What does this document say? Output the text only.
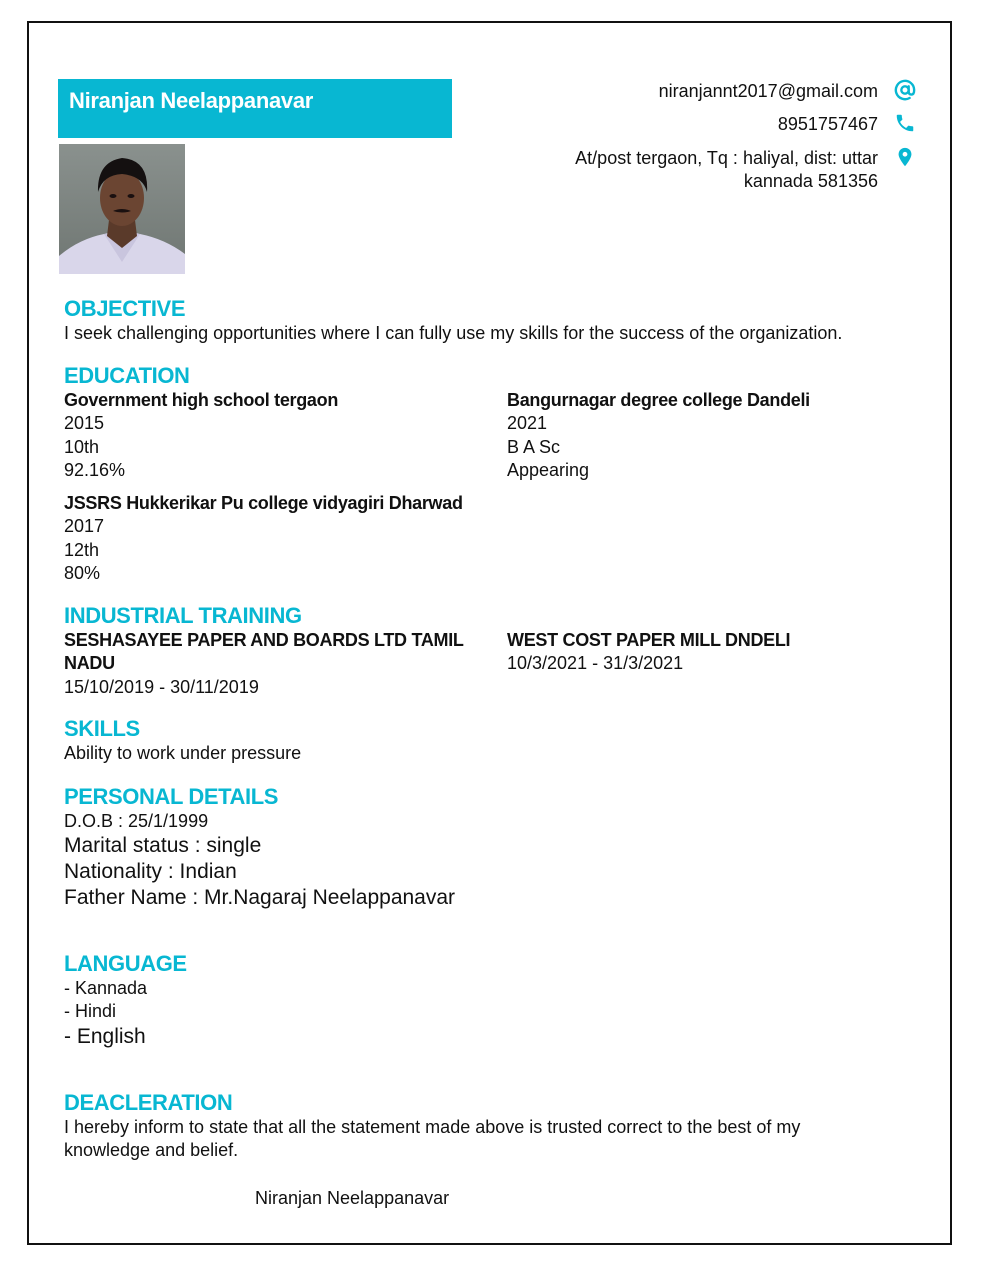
Niranjan Neelappanavar	niranjannt2017@gmail.com
8951757467
At/post tergaon, Tq : haliyal, dist: uttar
kannada 581356
OBJECTIVE
I seek challenging opportunities where I can fully use my skills for the success of the organization.
EDUCATION
Government high school tergaon
2015
10th
92.16%
Bangurnagar degree college Dandeli
2021
B A Sc
Appearing
JSSRS Hukkerikar Pu college vidyagiri Dharwad
2017
12th
80%
INDUSTRIAL TRAINING
SESHASAYEE PAPER AND BOARDS LTD TAMIL
NADU
15/10/2019 - 30/11/2019
WEST COST PAPER MILL DNDELI
10/3/2021 - 31/3/2021
SKILLS
Ability to work under pressure
PERSONAL DETAILS
D.O.B : 25/1/1999
Marital status : single
Nationality : Indian
Father Name : Mr.Nagaraj Neelappanavar
LANGUAGE
- Kannada
- Hindi
- English
DEACLERATION
I hereby inform to state that all the statement made above is trusted correct to the best of my
knowledge and belief.
Niranjan Neelappanavar
